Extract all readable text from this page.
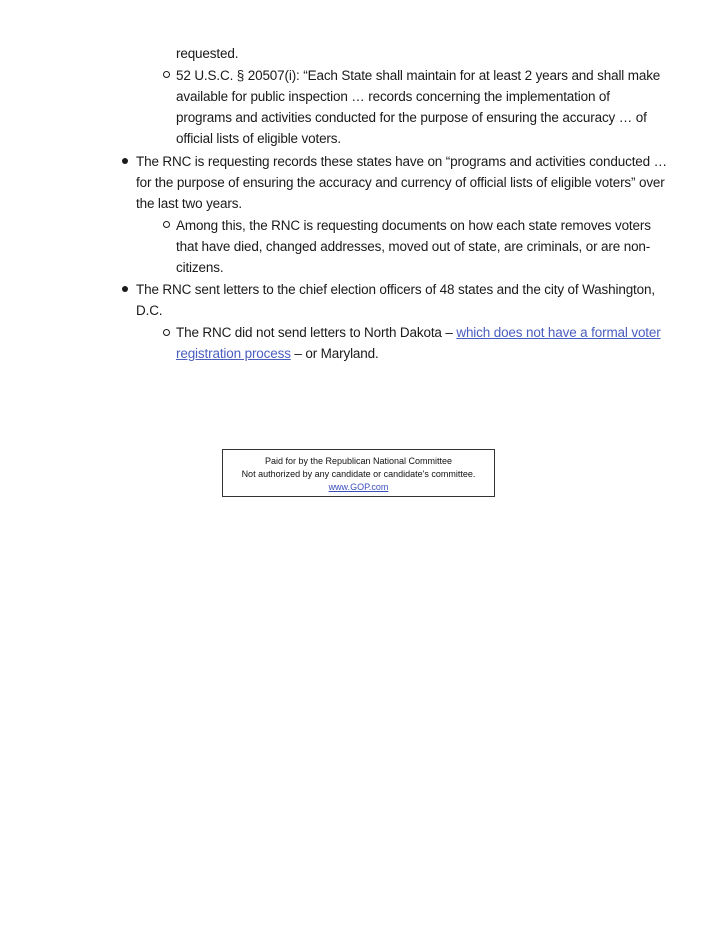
requested.
52 U.S.C. § 20507(i): “Each State shall maintain for at least 2 years and shall make
available for public inspection … records concerning the implementation of
programs and activities conducted for the purpose of ensuring the accuracy … of
official lists of eligible voters.
The RNC is requesting records these states have on “programs and activities conducted …
for the purpose of ensuring the accuracy and currency of official lists of eligible voters” over
the last two years.
Among this, the RNC is requesting documents on how each state removes voters
that have died, changed addresses, moved out of state, are criminals, or are non-
citizens.
The RNC sent letters to the chief election officers of 48 states and the city of Washington,
D.C.
The RNC did not send letters to North Dakota – which does not have a formal voter
registration process – or Maryland.
Paid for by the Republican National Committee
Not authorized by any candidate or candidate's committee.
www.GOP.com
